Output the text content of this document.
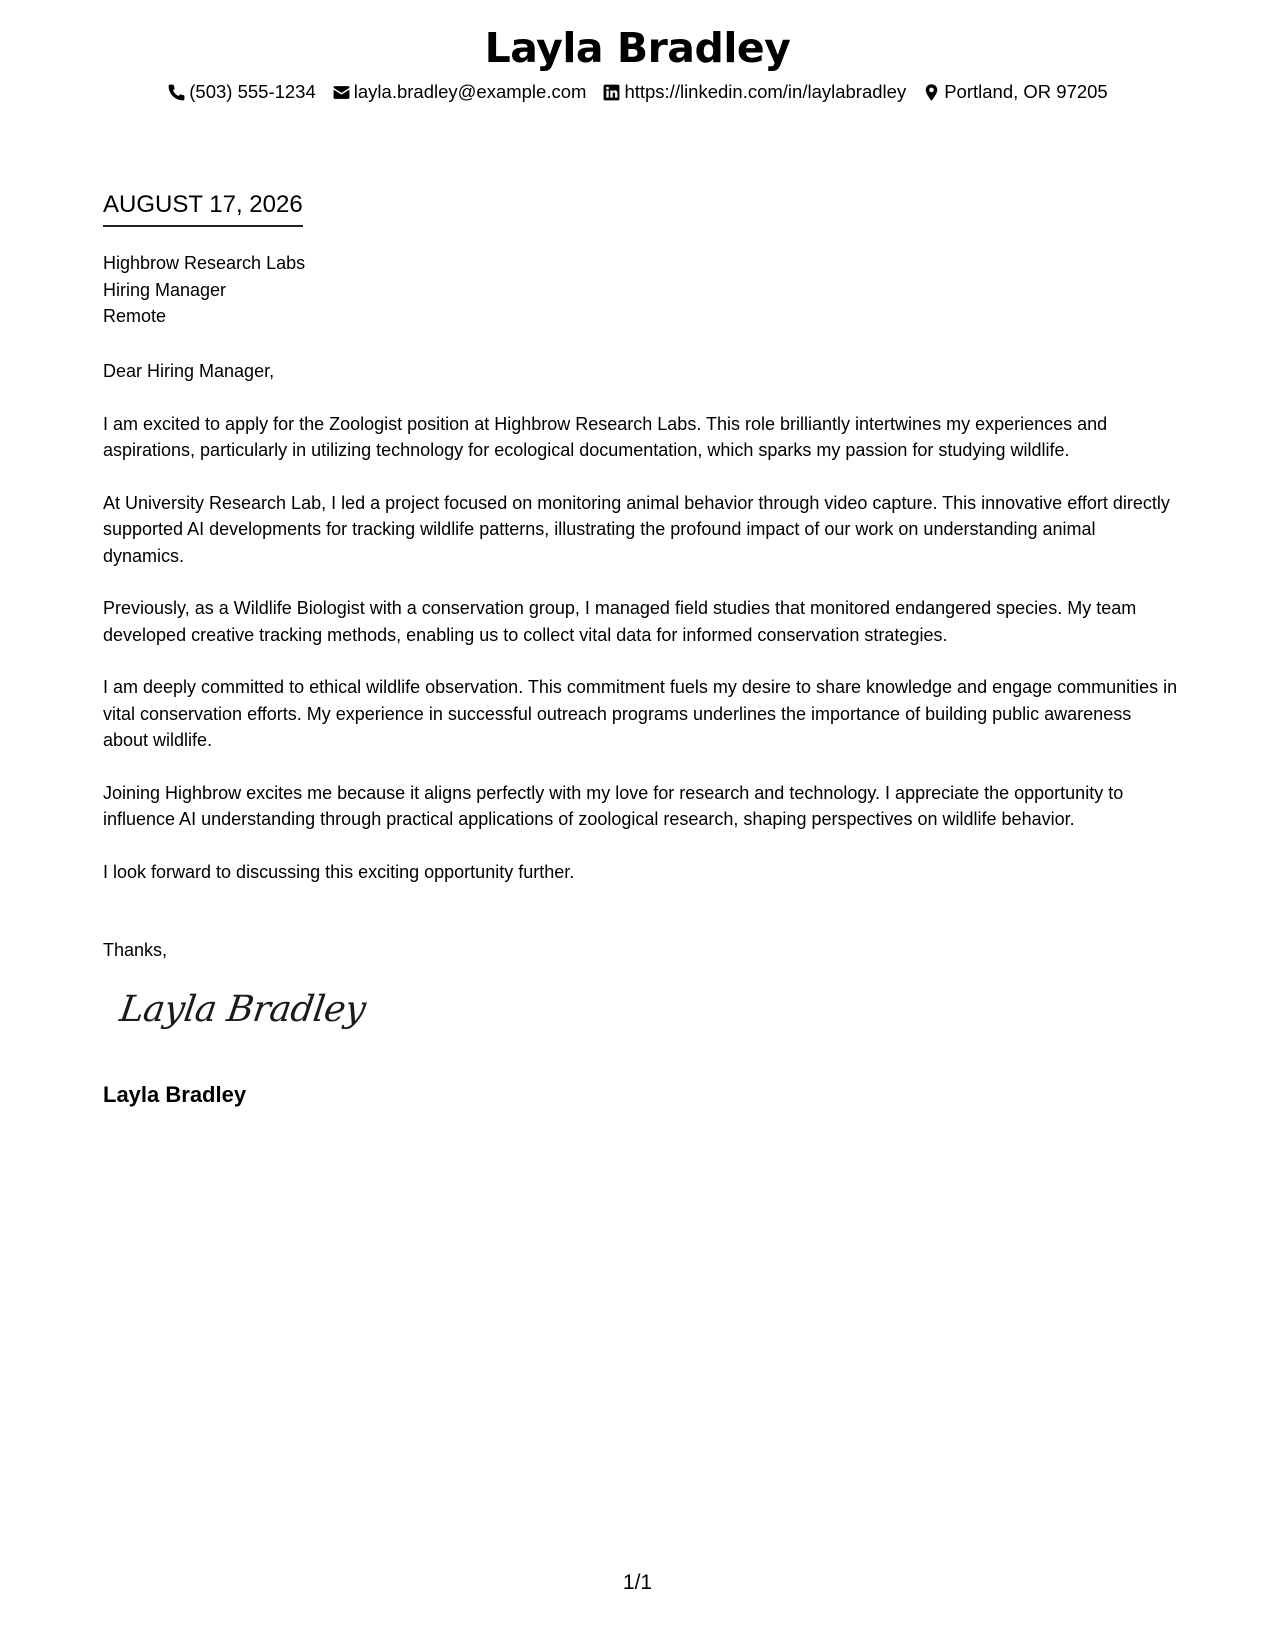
Layla Bradley
(503) 555-1234 layla.bradley@example.com https://linkedin.com/in/laylabradley Portland, OR 97205
AUGUST 17, 2026
Highbrow Research Labs
Hiring Manager
Remote

Dear Hiring Manager,

I am excited to apply for the Zoologist position at Highbrow Research Labs. This role brilliantly intertwines my experiences and aspirations, particularly in utilizing technology for ecological documentation, which sparks my passion for studying wildlife.

At University Research Lab, I led a project focused on monitoring animal behavior through video capture. This innovative effort directly supported AI developments for tracking wildlife patterns, illustrating the profound impact of our work on understanding animal dynamics.

Previously, as a Wildlife Biologist with a conservation group, I managed field studies that monitored endangered species. My team developed creative tracking methods, enabling us to collect vital data for informed conservation strategies.

I am deeply committed to ethical wildlife observation. This commitment fuels my desire to share knowledge and engage communities in vital conservation efforts. My experience in successful outreach programs underlines the importance of building public awareness about wildlife.

Joining Highbrow excites me because it aligns perfectly with my love for research and technology. I appreciate the opportunity to influence AI understanding through practical applications of zoological research, shaping perspectives on wildlife behavior.

I look forward to discussing this exciting opportunity further.

Thanks,
Layla Bradley
Layla Bradley
1/1
